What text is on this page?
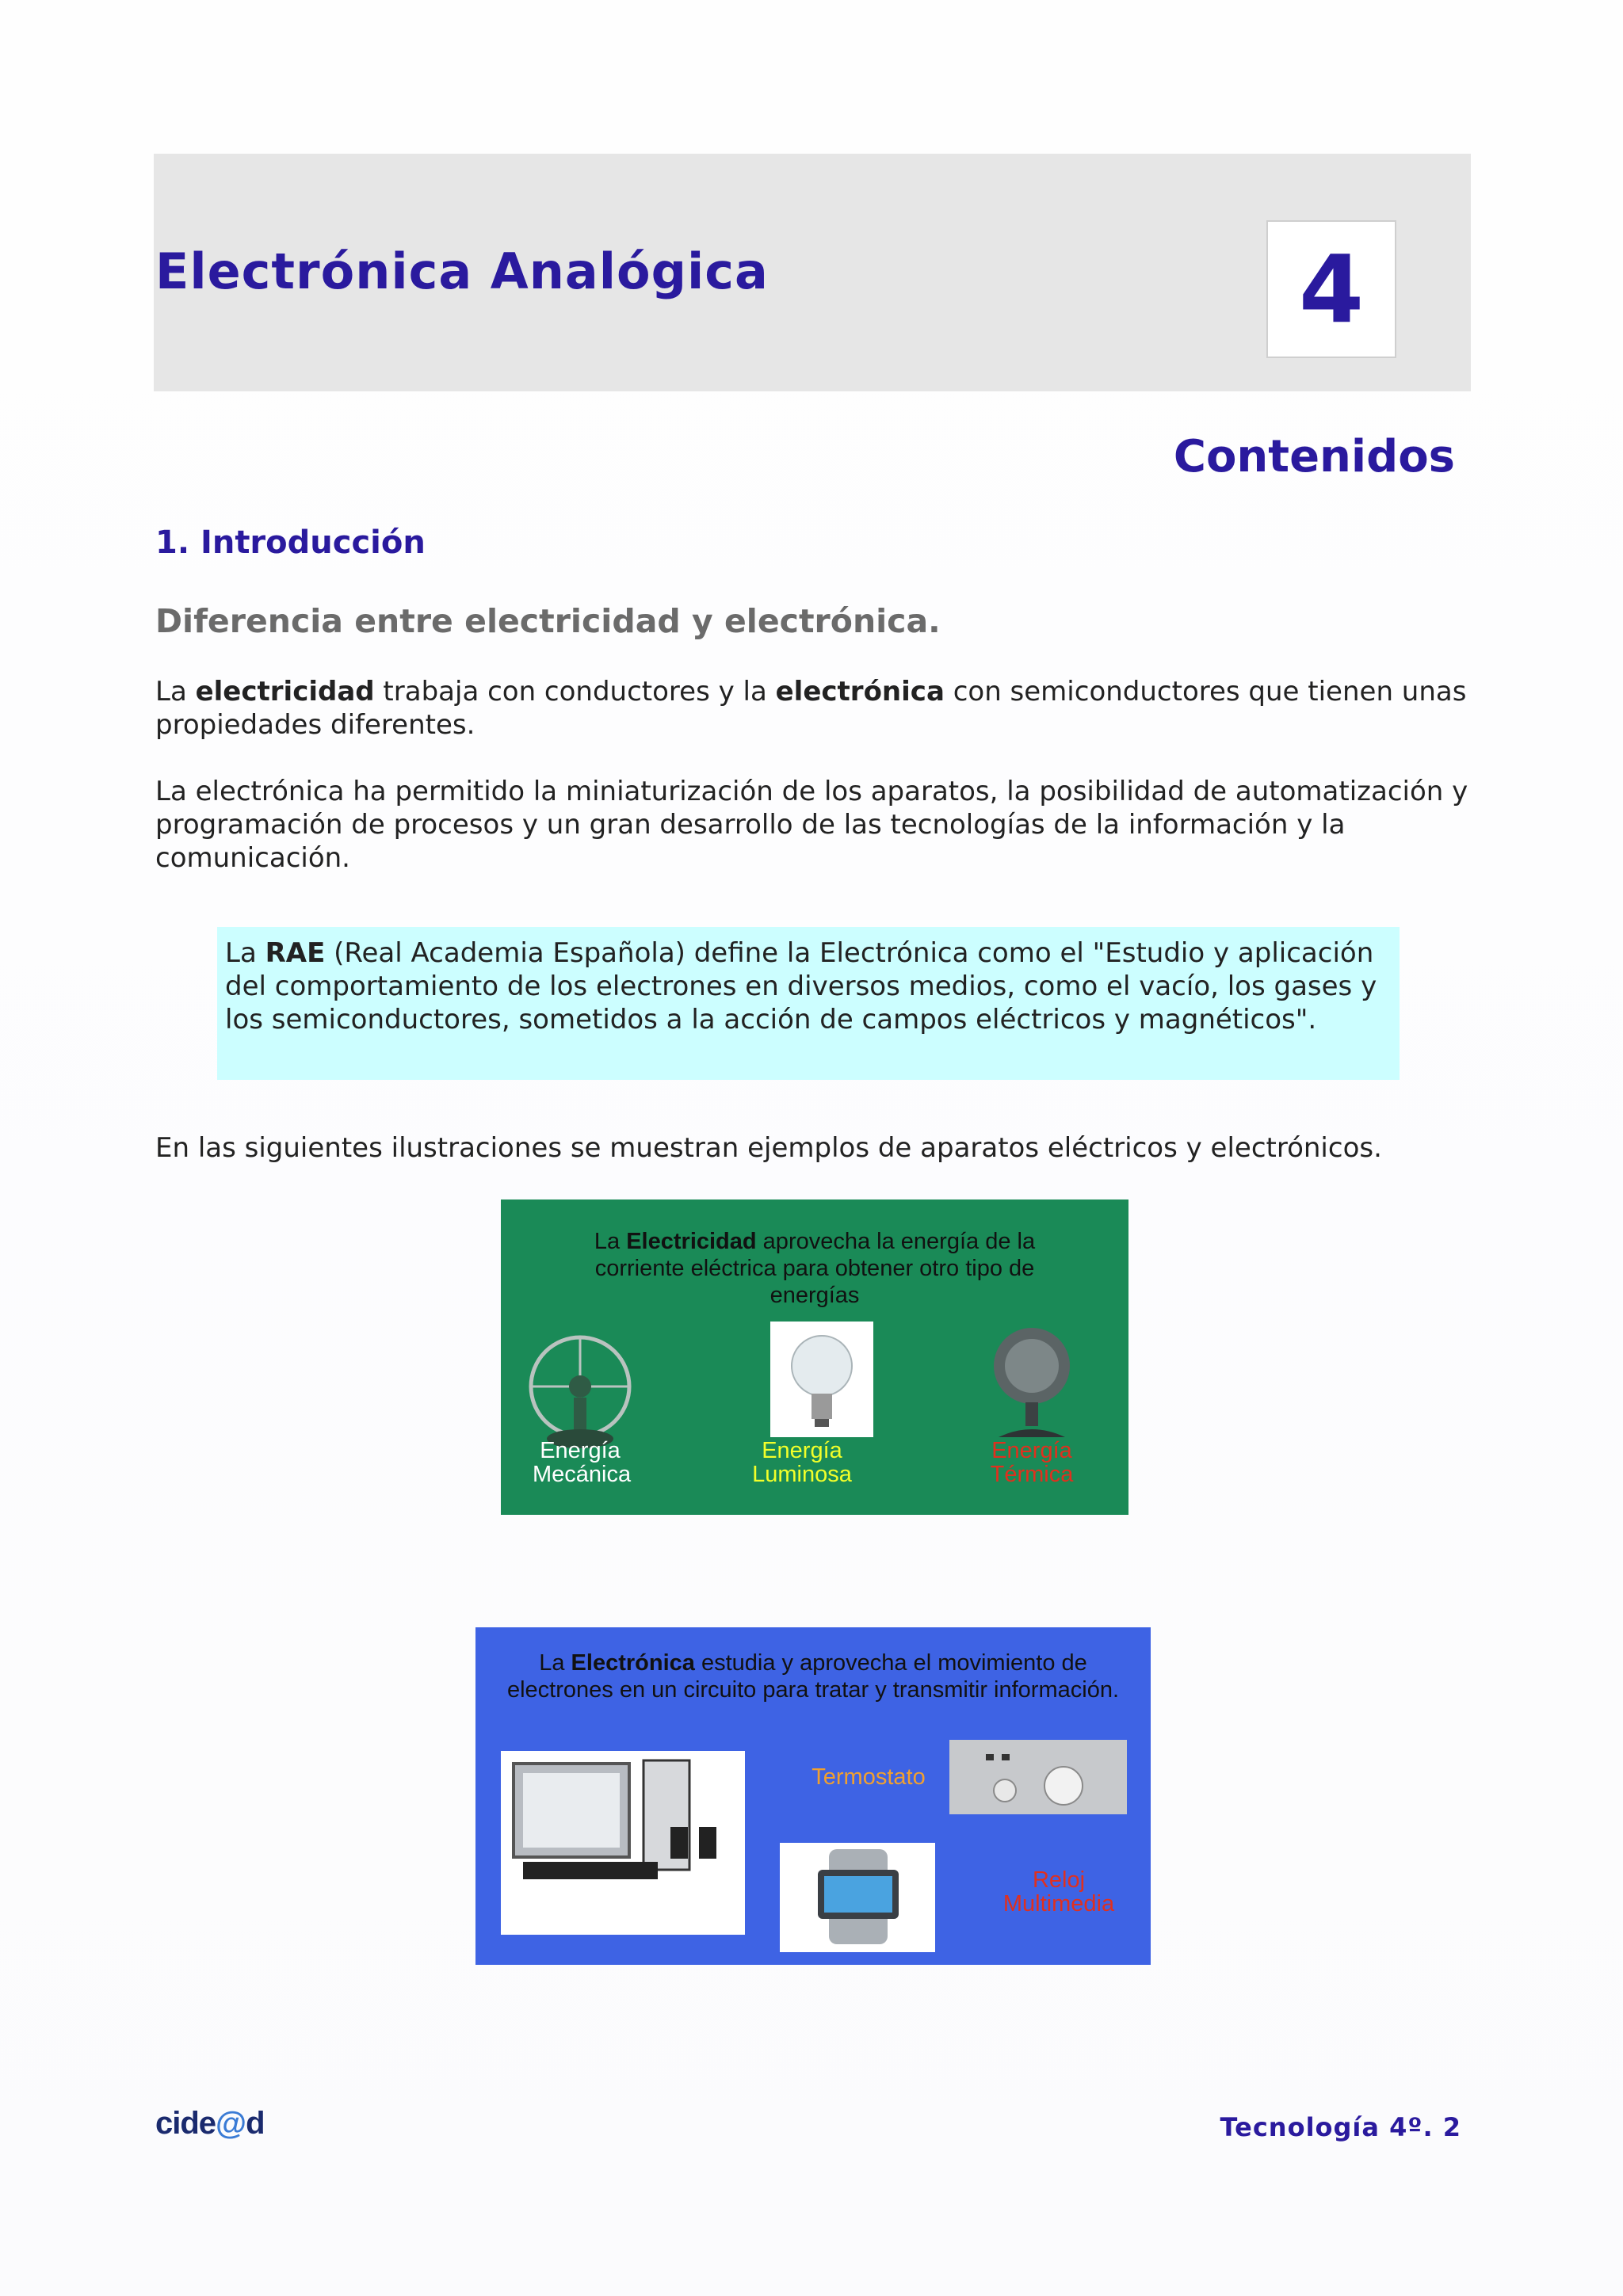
Electrónica Analógica	4
Contenidos
1. Introducción
Diferencia entre electricidad y electrónica.
La electricidad trabaja con conductores y la electrónica con semiconductores que tienen unas propiedades diferentes.
La electrónica ha permitido la miniaturización de los aparatos, la posibilidad de automatización y programación de procesos y un gran desarrollo de las tecnologías de la información y la comunicación.
La RAE (Real Academia Española) define la Electrónica como el "Estudio y aplicación del comportamiento de los electrones en diversos medios, como el vacío, los gases y los semiconductores, sometidos a la acción de campos eléctricos y magnéticos".
En las siguientes ilustraciones se muestran ejemplos de aparatos eléctricos y electrónicos.
La Electricidad aprovecha la energía de la corriente eléctrica para obtener otro tipo de energías
Energía
Mecánica
Energía
Luminosa
Energía
Térmica
La Electrónica estudia y aprovecha el movimiento de electrones en un circuito para tratar y transmitir información.
Ordenador
Termostato
Reloj
Multimedia
cide@d	Tecnología 4º. 2
